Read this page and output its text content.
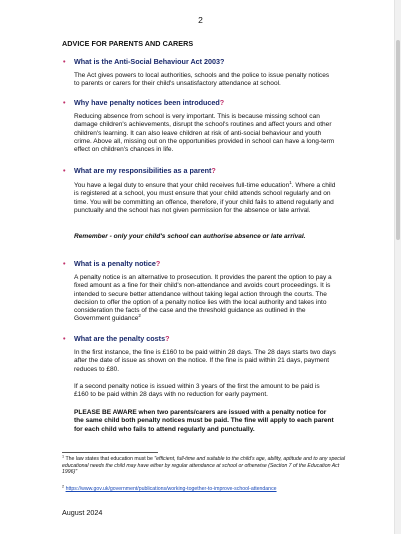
2
ADVICE FOR PARENTS AND CARERS
• What is the Anti-Social Behaviour Act 2003?
The Act gives powers to local authorities, schools and the police to issue penalty notices to parents or carers for their child's unsatisfactory attendance at school.
• Why have penalty notices been introduced?
Reducing absence from school is very important. This is because missing school can damage children's achievements, disrupt the school's routines and affect yours and other children's learning. It can also leave children at risk of anti-social behaviour and youth crime. Above all, missing out on the opportunities provided in school can have a long-term effect on children's chances in life.
• What are my responsibilities as a parent?
You have a legal duty to ensure that your child receives full-time education$^1$. Where a child is registered at a school, you must ensure that your child attends school regularly and on time. You will be committing an offence, therefore, if your child fails to attend regularly and punctually and the school has not given permission for the absence or late arrival.
Remember - only your child's school can authorise absence or late arrival.
• What is a penalty notice?
A penalty notice is an alternative to prosecution. It provides the parent the option to pay a fixed amount as a fine for their child's non-attendance and avoids court proceedings. It is intended to secure better attendance without taking legal action through the courts. The decision to offer the option of a penalty notice lies with the local authority and takes into consideration the facts of the case and the threshold guidance as outlined in the Government guidance$^2$
• What are the penalty costs?
In the first instance, the fine is £160 to be paid within 28 days. The 28 days starts two days after the date of issue as shown on the notice. If the fine is paid within 21 days, payment reduces to £80.
If a second penalty notice is issued within 3 years of the first the amount to be paid is £160 to be paid within 28 days with no reduction for early payment.
PLEASE BE AWARE when two parents/carers are issued with a penalty notice for the same child both penalty notices must be paid. The fine will apply to each parent for each child who fails to attend regularly and punctually.
$^1$ The law states that education must be "efficient, full-time and suitable to the child's age, ability, aptitude and to any special educational needs the child may have either by regular attendance at school or otherwise (Section 7 of the Education Act 1996)"
$^2$ https://www.gov.uk/government/publications/working-together-to-improve-school-attendance
August 2024
